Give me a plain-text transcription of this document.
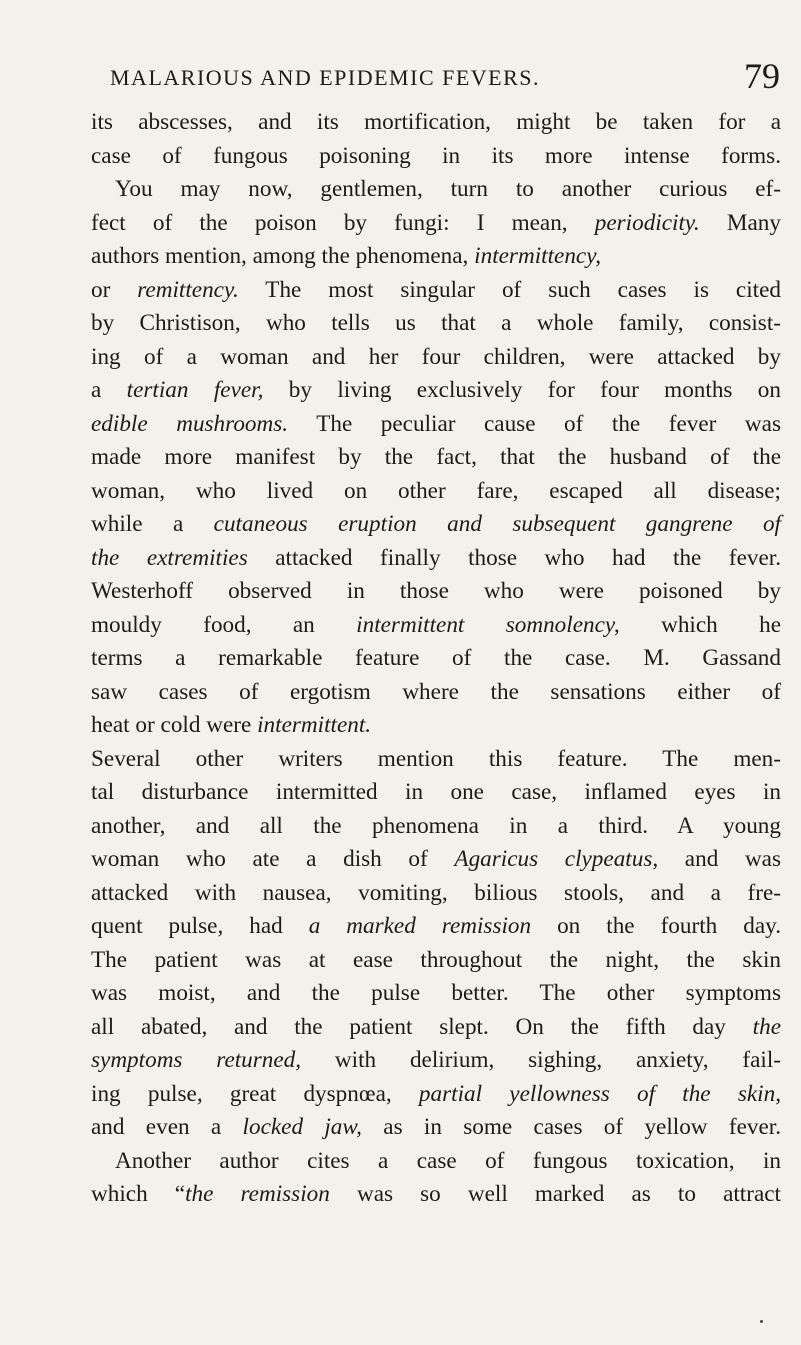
MALARIOUS AND EPIDEMIC FEVERS.	79
its abscesses, and its mortification, might be taken for a
case of fungous poisoning in its more intense forms.
You may now, gentlemen, turn to another curious ef-
fect of the poison by fungi: I mean, periodicity. Many
authors mention, among the phenomena, intermittency,
or remittency. The most singular of such cases is cited
by Christison, who tells us that a whole family, consist-
ing of a woman and her four children, were attacked by
a tertian fever, by living exclusively for four months on
edible mushrooms. The peculiar cause of the fever was
made more manifest by the fact, that the husband of the
woman, who lived on other fare, escaped all disease;
while a cutaneous eruption and subsequent gangrene of
the extremities attacked finally those who had the fever.
Westerhoff observed in those who were poisoned by
mouldy food, an intermittent somnolency, which he
terms a remarkable feature of the case. M. Gassand
saw cases of ergotism where the sensations either of
heat or cold were intermittent.
Several other writers mention this feature. The men-
tal disturbance intermitted in one case, inflamed eyes in
another, and all the phenomena in a third. A young
woman who ate a dish of Agaricus clypeatus, and was
attacked with nausea, vomiting, bilious stools, and a fre-
quent pulse, had a marked remission on the fourth day.
The patient was at ease throughout the night, the skin
was moist, and the pulse better. The other symptoms
all abated, and the patient slept. On the fifth day the
symptoms returned, with delirium, sighing, anxiety, fail-
ing pulse, great dyspnœa, partial yellowness of the skin,
and even a locked jaw, as in some cases of yellow fever.
Another author cites a case of fungous toxication, in
which “the remission was so well marked as to attract
